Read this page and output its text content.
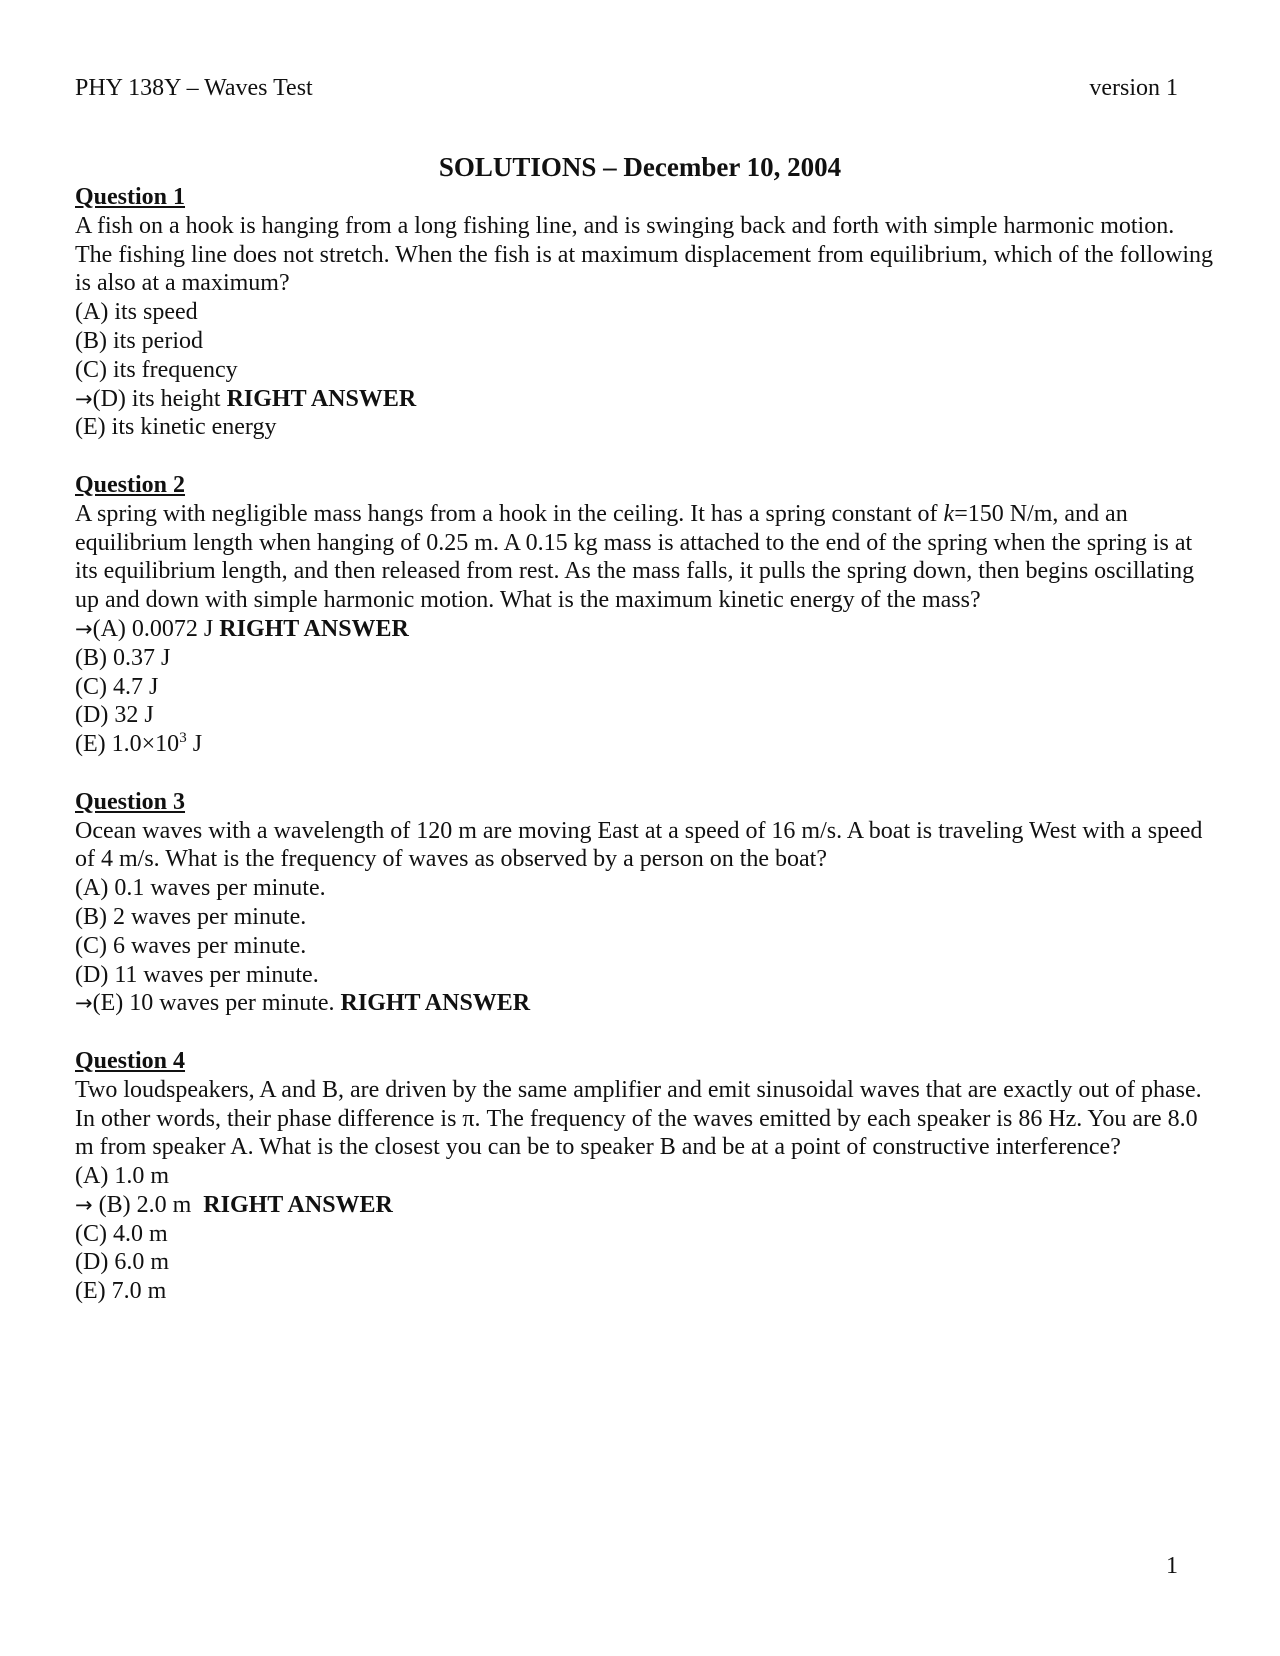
PHY 138Y – Waves Test	version 1
SOLUTIONS – December 10, 2004
Question 1
A fish on a hook is hanging from a long fishing line, and is swinging back and forth with simple harmonic motion. The fishing line does not stretch. When the fish is at maximum displacement from equilibrium, which of the following is also at a maximum?
(A) its speed
(B) its period
(C) its frequency
→(D) its height RIGHT ANSWER
(E) its kinetic energy
Question 2
A spring with negligible mass hangs from a hook in the ceiling. It has a spring constant of k=150 N/m, and an equilibrium length when hanging of 0.25 m. A 0.15 kg mass is attached to the end of the spring when the spring is at its equilibrium length, and then released from rest. As the mass falls, it pulls the spring down, then begins oscillating up and down with simple harmonic motion. What is the maximum kinetic energy of the mass?
→(A) 0.0072 J RIGHT ANSWER
(B) 0.37 J
(C) 4.7 J
(D) 32 J
(E) $1.0\times 10^3$ J
Question 3
Ocean waves with a wavelength of 120 m are moving East at a speed of 16 m/s. A boat is traveling West with a speed of 4 m/s. What is the frequency of waves as observed by a person on the boat?
(A) 0.1 waves per minute.
(B) 2 waves per minute.
(C) 6 waves per minute.
(D) 11 waves per minute.
→(E) 10 waves per minute. RIGHT ANSWER
Question 4
Two loudspeakers, A and B, are driven by the same amplifier and emit sinusoidal waves that are exactly out of phase. In other words, their phase difference is π. The frequency of the waves emitted by each speaker is 86 Hz. You are 8.0 m from speaker A. What is the closest you can be to speaker B and be at a point of constructive interference?
(A) 1.0 m
→ (B) 2.0 m RIGHT ANSWER
(C) 4.0 m
(D) 6.0 m
(E) 7.0 m
1
